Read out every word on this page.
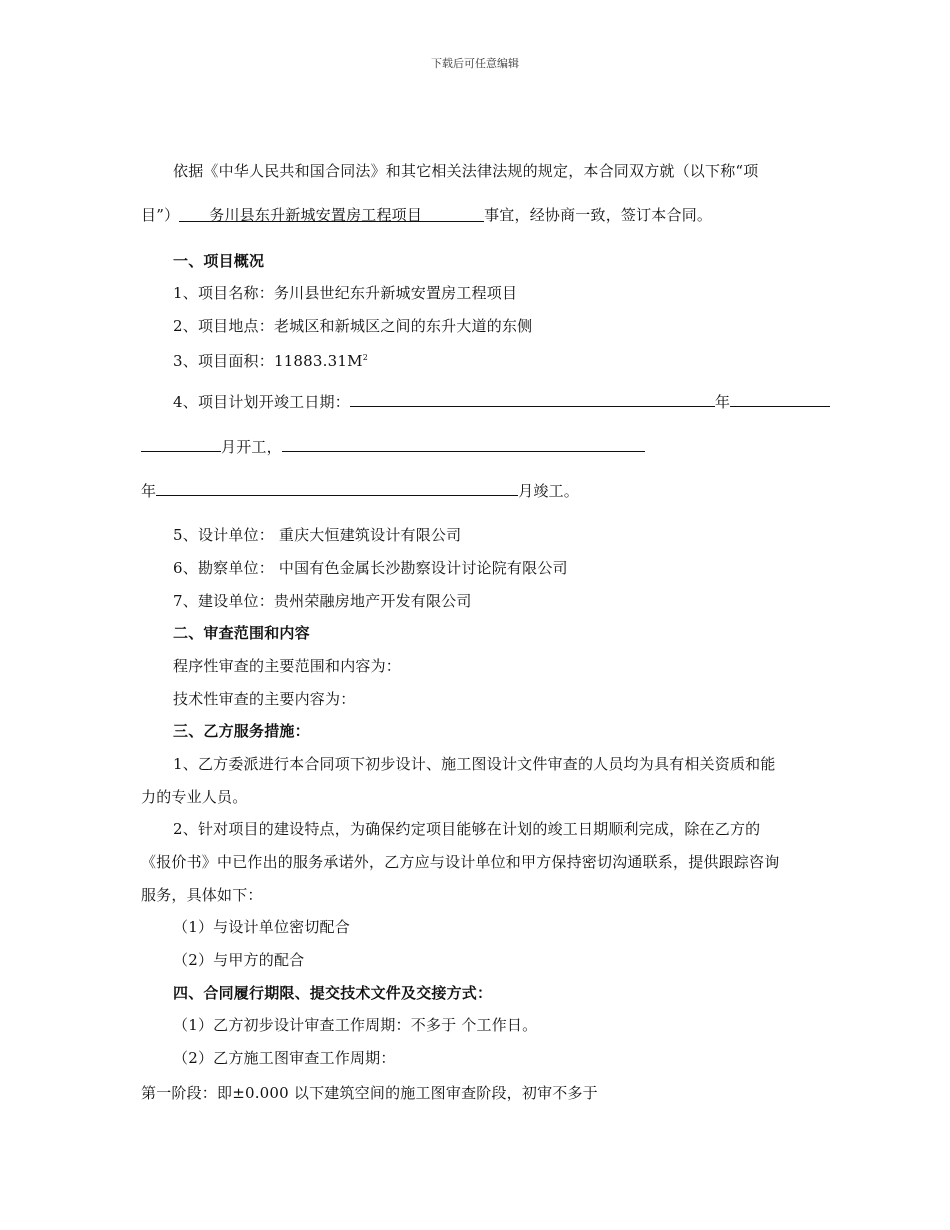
下载后可任意编辑
依据《中华人民共和国合同法》和其它相关法律法规的规定，本合同双方就（以下称“项
目”） 务川县东升新城安置房工程项目	事宜，经协商一致，签订本合同。
一、项目概况
1、项目名称：务川县世纪东升新城安置房工程项目
2、项目地点：老城区和新城区之间的东升大道的东侧
3、项目面积：$11883.31M^2$
4、项目计划开竣工日期：	年
月开工，
年	月竣工。
5、设计单位： 重庆大恒建筑设计有限公司
6、勘察单位： 中国有色金属长沙勘察设计讨论院有限公司
7、建设单位：贵州荣融房地产开发有限公司
二、审查范围和内容
程序性审查的主要范围和内容为：
技术性审查的主要内容为：
三、乙方服务措施：
1、乙方委派进行本合同项下初步设计、施工图设计文件审查的人员均为具有相关资质和能
力的专业人员。
2、针对项目的建设特点，为确保约定项目能够在计划的竣工日期顺利完成，除在乙方的
《报价书》中已作出的服务承诺外，乙方应与设计单位和甲方保持密切沟通联系，提供跟踪咨询
服务，具体如下：
（1）与设计单位密切配合
（2）与甲方的配合
四、合同履行期限、提交技术文件及交接方式：
（1）乙方初步设计审查工作周期：不多于 个工作日。
（2）乙方施工图审查工作周期：
第一阶段：即±0.000 以下建筑空间的施工图审查阶段，初审不多于
